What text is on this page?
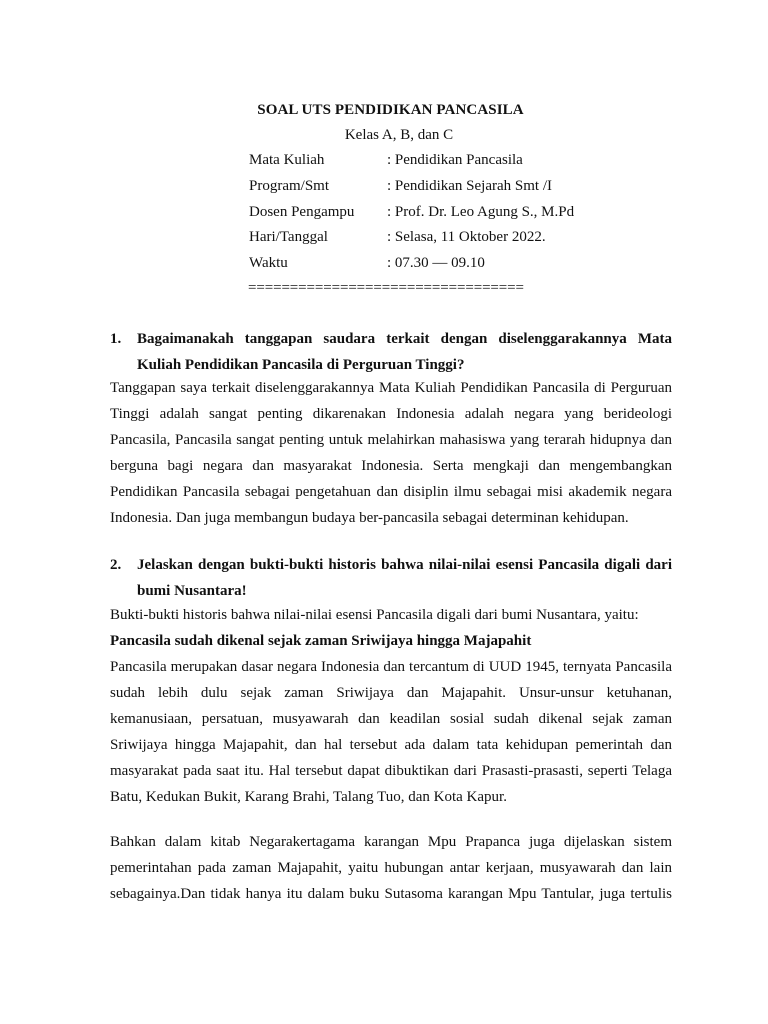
SOAL UTS PENDIDIKAN PANCASILA
Kelas A, B, dan C
Mata Kuliah	: Pendidikan Pancasila
Program/Smt	: Pendidikan Sejarah Smt /I
Dosen Pengampu : Prof. Dr. Leo Agung S., M.Pd
Hari/Tanggal	: Selasa, 11 Oktober 2022.
Waktu	: 07.30 — 09.10
=================================
1. Bagaimanakah tanggapan saudara terkait dengan diselenggarakannya Mata Kuliah Pendidikan Pancasila di Perguruan Tinggi?
Tanggapan saya terkait diselenggarakannya Mata Kuliah Pendidikan Pancasila di Perguruan Tinggi adalah sangat penting dikarenakan Indonesia adalah negara yang berideologi Pancasila, Pancasila sangat penting untuk melahirkan mahasiswa yang terarah hidupnya dan berguna bagi negara dan masyarakat Indonesia. Serta mengkaji dan mengembangkan Pendidikan Pancasila sebagai pengetahuan dan disiplin ilmu sebagai misi akademik negara Indonesia. Dan juga membangun budaya ber-pancasila sebagai determinan kehidupan.
2. Jelaskan dengan bukti-bukti historis bahwa nilai-nilai esensi Pancasila digali dari bumi Nusantara!
Bukti-bukti historis bahwa nilai-nilai esensi Pancasila digali dari bumi Nusantara, yaitu:
Pancasila sudah dikenal sejak zaman Sriwijaya hingga Majapahit
Pancasila merupakan dasar negara Indonesia dan tercantum di UUD 1945, ternyata Pancasila sudah lebih dulu sejak zaman Sriwijaya dan Majapahit. Unsur-unsur ketuhanan, kemanusiaan, persatuan, musyawarah dan keadilan sosial sudah dikenal sejak zaman Sriwijaya hingga Majapahit, dan hal tersebut ada dalam tata kehidupan pemerintah dan masyarakat pada saat itu. Hal tersebut dapat dibuktikan dari Prasasti-prasasti, seperti Telaga Batu, Kedukan Bukit, Karang Brahi, Talang Tuo, dan Kota Kapur.
Bahkan dalam kitab Negarakertagama karangan Mpu Prapanca juga dijelaskan sistem pemerintahan pada zaman Majapahit, yaitu hubungan antar kerjaan, musyawarah dan lain sebagainya.Dan tidak hanya itu dalam buku Sutasoma karangan Mpu Tantular, juga tertulis
